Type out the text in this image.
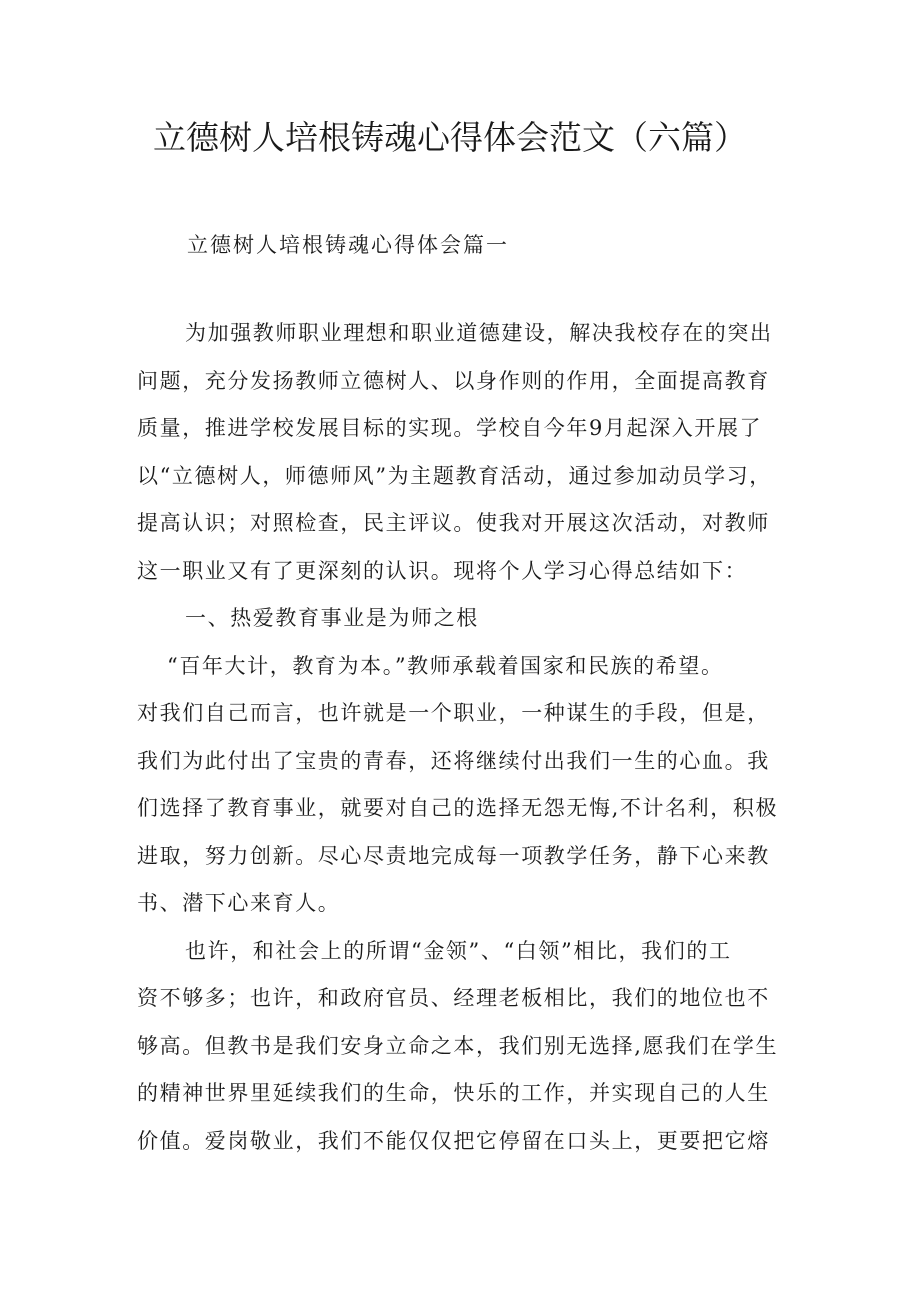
立德树人培根铸魂心得体会范文（六篇）
立德树人培根铸魂心得体会篇一
为加强教师职业理想和职业道德建设，解决我校存在的突出
问题，充分发扬教师立德树人、以身作则的作用，全面提高教育
质量，推进学校发展目标的实现。学校自今年9月起深入开展了
以“立德树人，师德师风”为主题教育活动，通过参加动员学习，
提高认识；对照检查，民主评议。使我对开展这次活动，对教师
这一职业又有了更深刻的认识。现将个人学习心得总结如下：
一、热爱教育事业是为师之根
“百年大计，教育为本。”教师承载着国家和民族的希望。
对我们自己而言，也许就是一个职业，一种谋生的手段，但是，
我们为此付出了宝贵的青春，还将继续付出我们一生的心血。我
们选择了教育事业，就要对自己的选择无怨无悔,不计名利，积极
进取，努力创新。尽心尽责地完成每一项教学任务，静下心来教
书、潜下心来育人。
也许，和社会上的所谓“金领”、“白领”相比，我们的工
资不够多；也许，和政府官员、经理老板相比，我们的地位也不
够高。但教书是我们安身立命之本，我们别无选择,愿我们在学生
的精神世界里延续我们的生命，快乐的工作，并实现自己的人生
价值。爱岗敬业，我们不能仅仅把它停留在口头上，更要把它熔
